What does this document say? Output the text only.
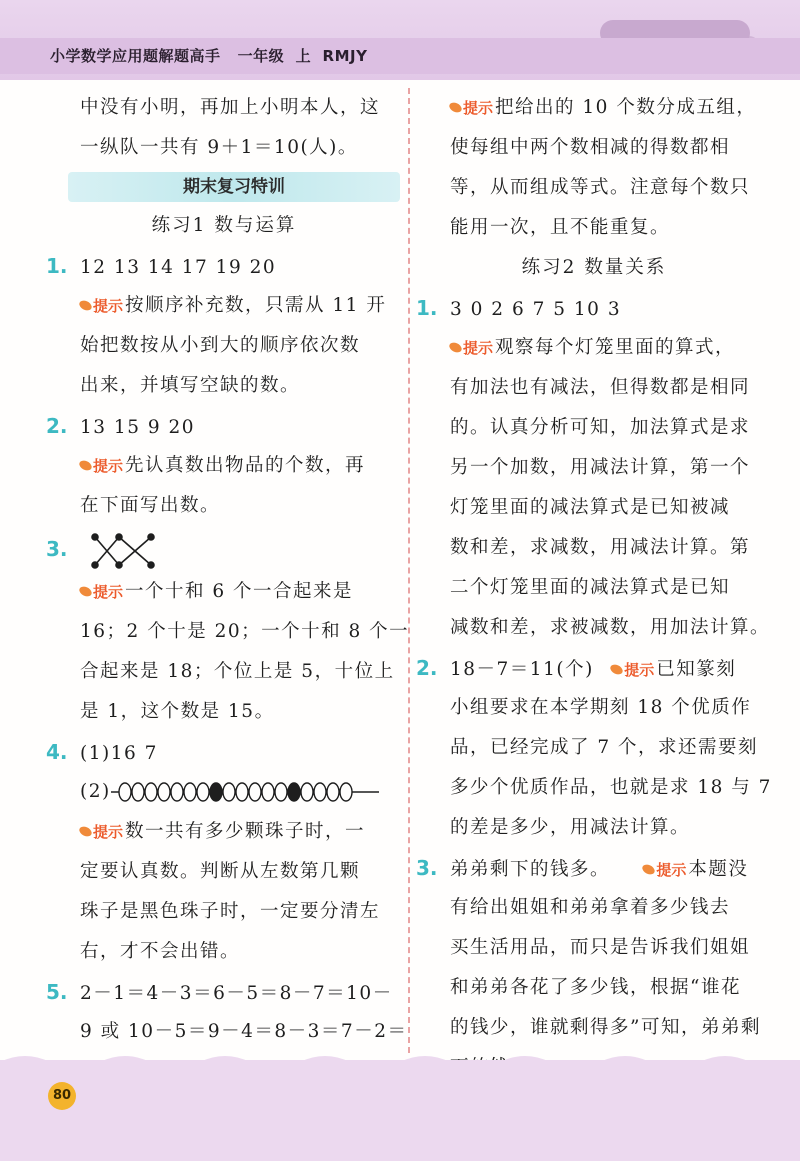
小学数学应用题解题高手   一年级  上  RMJY
中没有小明，再加上小明本人，这
一纵队一共有 9＋1＝10(人)。
期末复习特训
练习1 数与运算
1. 12 13 14 17 19 20
提示 按顺序补充数，只需从 11 开
始把数按从小到大的顺序依次数
出来，并填写空缺的数。
2. 13 15 9 20
提示 先认真数出物品的个数，再
在下面写出数。
3.
提示 一个十和 6 个一合起来是
16；2 个十是 20；一个十和 8 个一
合起来是 18；个位上是 5，十位上
是 1，这个数是 15。
4. (1)16 7
(2)
提示 数一共有多少颗珠子时，一
定要认真数。判断从左数第几颗
珠子是黑色珠子时，一定要分清左
右，才不会出错。
5. 2－1＝4－3＝6－5＝8－7＝10－
9 或 10－5＝9－4＝8－3＝7－2＝
提示 把给出的 10 个数分成五组，
使每组中两个数相减的得数都相
等，从而组成等式。注意每个数只
能用一次，且不能重复。
练习2 数量关系
1. 3 0 2 6 7 5 10 3
提示 观察每个灯笼里面的算式，
有加法也有减法，但得数都是相同
的。认真分析可知，加法算式是求
另一个加数，用减法计算，第一个
灯笼里面的减法算式是已知被减
数和差，求减数，用减法计算。第
二个灯笼里面的减法算式是已知
减数和差，求被减数，用加法计算。
2. 18－7＝11(个) 提示 已知篆刻
小组要求在本学期刻 18 个优质作
品，已经完成了 7 个，求还需要刻
多少个优质作品，也就是求 18 与 7
的差是多少，用减法计算。
3. 弟弟剩下的钱多。	提示 本题没
有给出姐姐和弟弟拿着多少钱去
买生活用品，而只是告诉我们姐姐
和弟弟各花了多少钱，根据“谁花
的钱少，谁就剩得多”可知，弟弟剩
80
